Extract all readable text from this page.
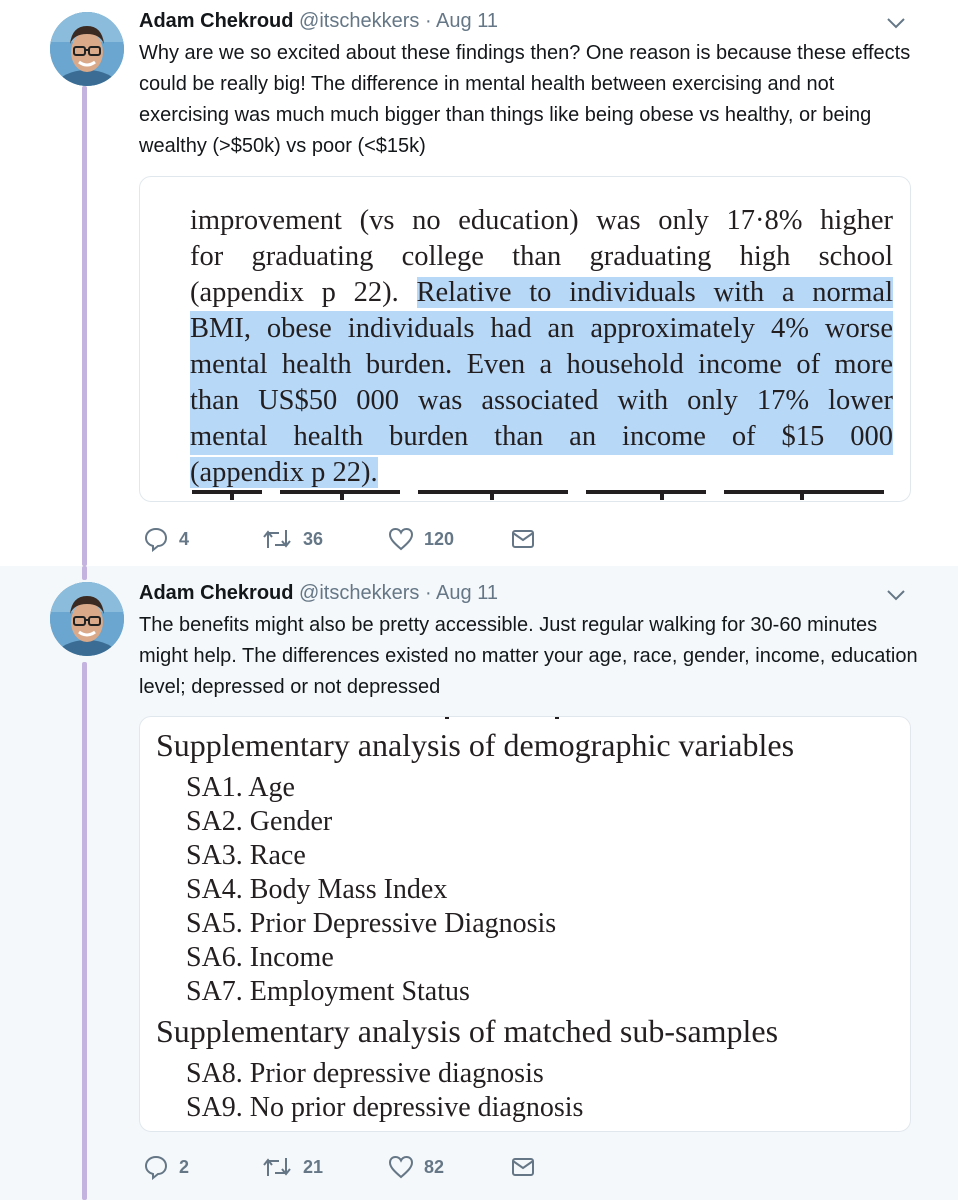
Adam Chekroud @itschekkers · Aug 11
Why are we so excited about these findings then? One reason is because these effects could be really big! The difference in mental health between exercising and not exercising was much much bigger than things like being obese vs healthy, or being wealthy (>$50k) vs poor (<$15k)
improvement (vs no education) was only 17·8% higher
for graduating college than graduating high school
(appendix p 22). Relative to individuals with a normal
BMI, obese individuals had an approximately 4% worse
mental health burden. Even a household income of more
than US$50 000 was associated with only 17% lower
mental health burden than an income of $15 000
(appendix p 22).
4	36	120
Adam Chekroud @itschekkers · Aug 11
The benefits might also be pretty accessible. Just regular walking for 30-60 minutes might help. The differences existed no matter your age, race, gender, income, education level; depressed or not depressed
Supplementary analysis of demographic variables
SA1. Age
SA2. Gender
SA3. Race
SA4. Body Mass Index
SA5. Prior Depressive Diagnosis
SA6. Income
SA7. Employment Status
Supplementary analysis of matched sub-samples
SA8. Prior depressive diagnosis
SA9. No prior depressive diagnosis
2	21	82
